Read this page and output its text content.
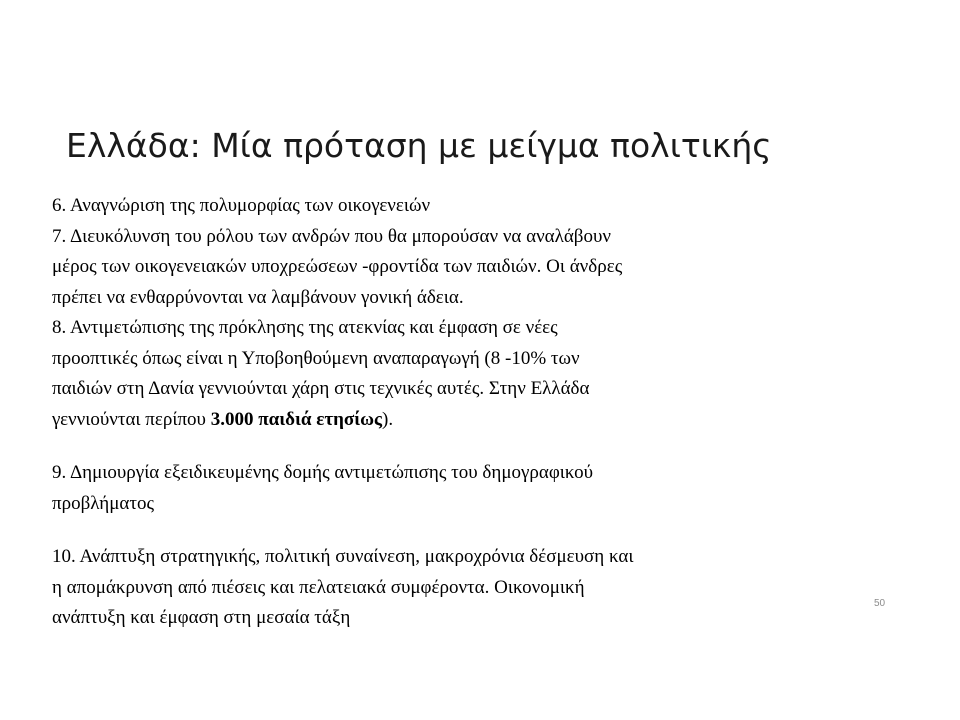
Ελλάδα: Μία πρόταση με μείγμα πολιτικής

6. Αναγνώριση της πολυμορφίας των οικογενειών

7. Διευκόλυνση του ρόλου των ανδρών που θα μπορούσαν να αναλάβουν
μέρος των οικογενειακών υποχρεώσεων -φροντίδα των παιδιών. Οι άνδρες
πρέπει να ενθαρρύνονται να λαμβάνουν γονική άδεια.

8. Αντιμετώπισης της πρόκλησης της ατεκνίας και έμφαση σε νέες
προοπτικές όπως είναι η Υποβοηθούμενη αναπαραγωγή (8 -10% των
παιδιών στη Δανία γεννιούνται χάρη στις τεχνικές αυτές. Στην Ελλάδα
γεννιούνται περίπου 3.000 παιδιά ετησίως).

9. Δημιουργία εξειδικευμένης δομής αντιμετώπισης του δημογραφικού
προβλήματος

10. Ανάπτυξη στρατηγικής, πολιτική συναίνεση, μακροχρόνια δέσμευση και
η απομάκρυνση από πιέσεις και πελατειακά συμφέροντα. Οικονομική
ανάπτυξη και έμφαση στη μεσαία τάξη

50
